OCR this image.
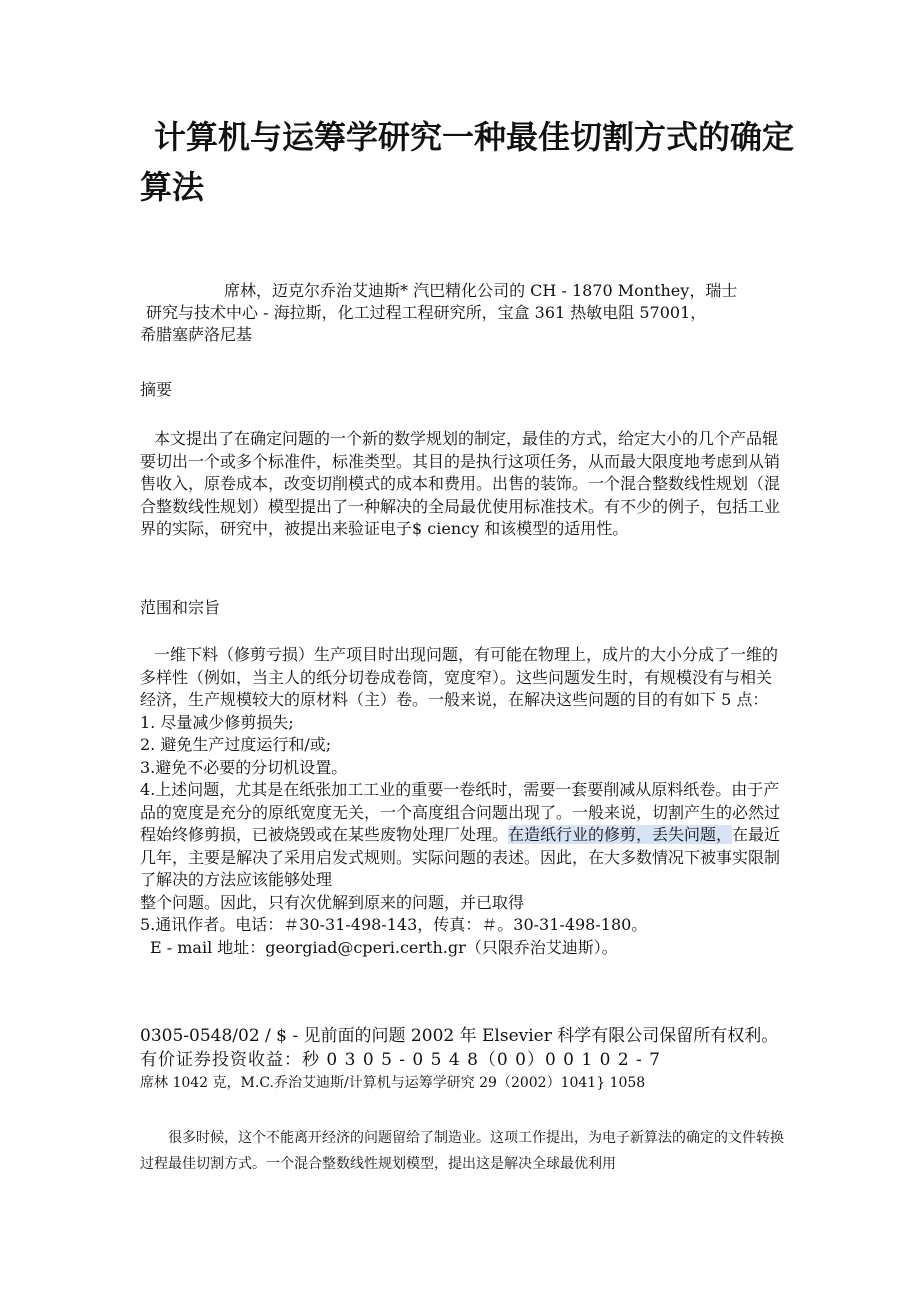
计算机与运筹学研究一种最佳切割方式的确定算法
席林，迈克尔乔治艾迪斯* 汽巴精化公司的 CH - 1870 Monthey，瑞士
研究与技术中心 - 海拉斯，化工过程工程研究所，宝盒 361 热敏电阻 57001，
希腊塞萨洛尼基
摘要

本文提出了在确定问题的一个新的数学规划的制定，最佳的方式，给定大小的几个产品辊要切出一个或多个标准件，标准类型。其目的是执行这项任务，从而最大限度地考虑到从销售收入，原卷成本，改变切削模式的成本和费用。出售的装饰。一个混合整数线性规划（混合整数线性规划）模型提出了一种解决的全局最优使用标准技术。有不少的例子，包括工业界的实际，研究中，被提出来验证电子$ ciency 和该模型的适用性。

范围和宗旨

一维下料（修剪亏损）生产项目时出现问题，有可能在物理上，成片的大小分成了一维的多样性（例如，当主人的纸分切卷成卷筒，宽度窄）。这些问题发生时，有规模没有与相关经济，生产规模较大的原材料（主）卷。一般来说，在解决这些问题的目的有如下 5 点：

1. 尽量减少修剪损失;

2. 避免生产过度运行和/或;

3.避免不必要的分切机设置。

4.上述问题，尤其是在纸张加工工业的重要一卷纸时，需要一套要削减从原料纸卷。由于产品的宽度是充分的原纸宽度无关，一个高度组合问题出现了。一般来说，切割产生的必然过程始终修剪损，已被烧毁或在某些废物处理厂处理。在造纸行业的修剪，丢失问题，在最近几年，主要是解决了采用启发式规则。实际问题的表述。因此，在大多数情况下被事实限制了解决的方法应该能够处理

整个问题。因此，只有次优解到原来的问题，并已取得

5.通讯作者。电话：＃30-31-498-143，传真：＃。30-31-498-180。

E - mail 地址：georgiad@cperi.certh.gr（只限乔治艾迪斯）。

0305-0548/02 / $ - 见前面的问题 2002 年 Elsevier 科学有限公司保留所有权利。
有价证券投资收益：秒 0 3 0 5 - 0 5 4 8（0 0）0 0 1 0 2 - 7
席林 1042 克，M.C.乔治艾迪斯/计算机与运筹学研究 29（2002）1041} 1058
很多时候，这个不能离开经济的问题留给了制造业。这项工作提出，为电子新算法的确定的文件转换过程最佳切割方式。一个混合整数线性规划模型，提出这是解决全球最优利用
